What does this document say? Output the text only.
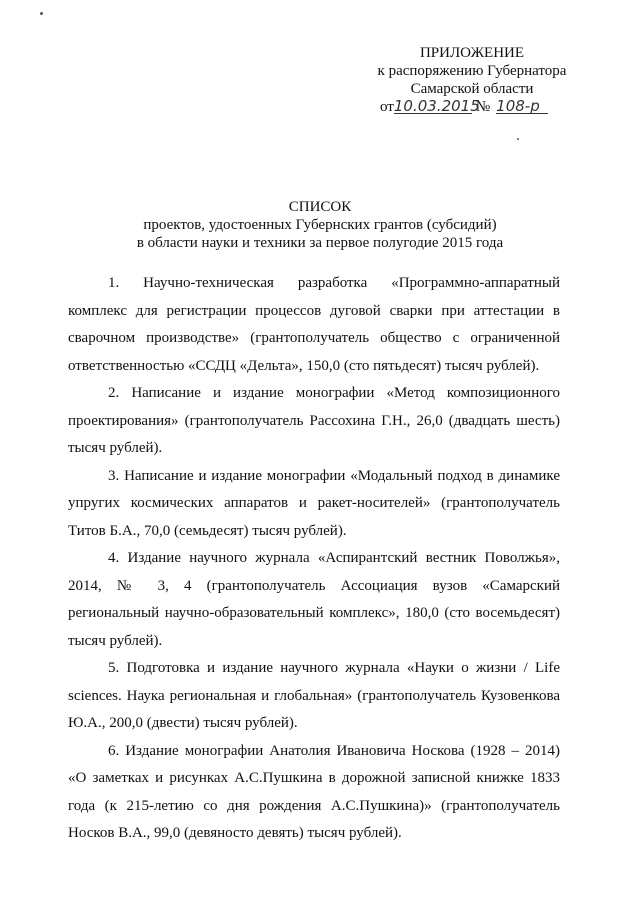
ПРИЛОЖЕНИЕ
к распоряжению Губернатора
Самарской области
от10.03.2015№ 108-р
СПИСОК
проектов, удостоенных Губернских грантов (субсидий)
в области науки и техники за первое полугодие 2015 года

1. Научно-техническая разработка «Программно-аппаратный комплекс для регистрации процессов дуговой сварки при аттестации в сварочном производстве» (грантополучатель общество с ограниченной ответственностью «ССДЦ «Дельта», 150,0 (сто пятьдесят) тысяч рублей).

2. Написание и издание монографии «Метод композиционного проектирования» (грантополучатель Рассохина Г.Н., 26,0 (двадцать шесть) тысяч рублей).

3. Написание и издание монографии «Модальный подход в динамике упругих космических аппаратов и ракет-носителей» (грантополучатель Титов Б.А., 70,0 (семьдесят) тысяч рублей).

4. Издание научного журнала «Аспирантский вестник Поволжья», 2014, № 3, 4 (грантополучатель Ассоциация вузов «Самарский региональный научно-образовательный комплекс», 180,0 (сто восемьдесят) тысяч рублей).

5. Подготовка и издание научного журнала «Науки о жизни / Life sciences. Наука региональная и глобальная» (грантополучатель Кузовенкова Ю.А., 200,0 (двести) тысяч рублей).

6. Издание монографии Анатолия Ивановича Носкова (1928 – 2014) «О заметках и рисунках А.С.Пушкина в дорожной записной книжке 1833 года (к 215-летию со дня рождения А.С.Пушкина)» (грантополучатель Носков В.А., 99,0 (девяносто девять) тысяч рублей).
